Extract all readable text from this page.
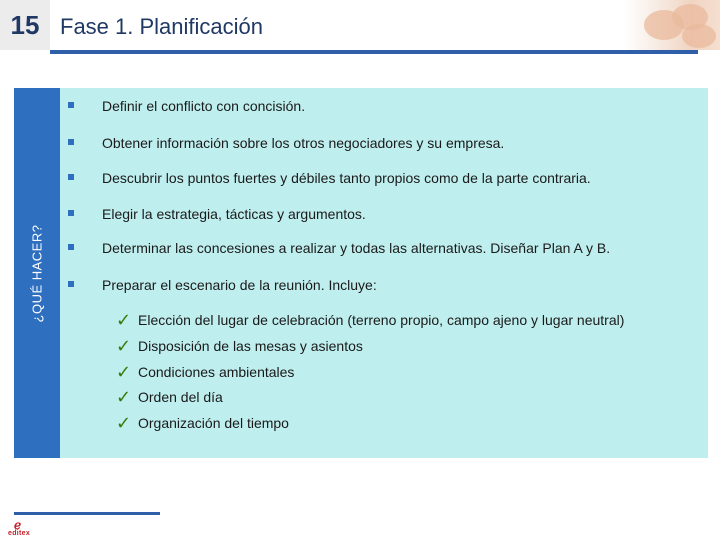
15 Fase 1. Planificación
¿QUÉ HACER?
Definir el conflicto con concisión.
Obtener información sobre los otros negociadores y su empresa.
Descubrir los puntos fuertes y débiles tanto propios como de la parte contraria.
Elegir la estrategia, tácticas y argumentos.
Determinar las concesiones a realizar y todas las alternativas. Diseñar Plan A y B.
Preparar el escenario de la reunión. Incluye:
✓ Elección del lugar de celebración (terreno propio, campo ajeno y lugar neutral)
✓ Disposición de las mesas y asientos
✓ Condiciones ambientales
✓ Orden del día
✓ Organización del tiempo
ℯ
editex
